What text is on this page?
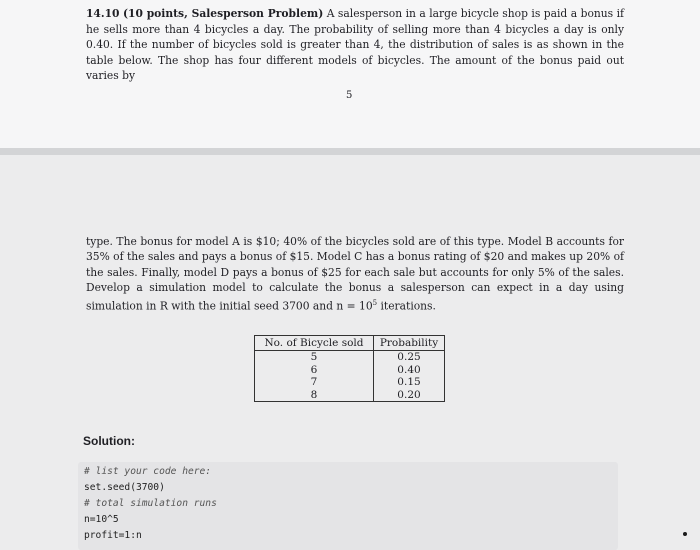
14.10 (10 points, Salesperson Problem) A salesperson in a large bicycle shop is paid a bonus if he sells more than 4 bicycles a day. The probability of selling more than 4 bicycles a day is only 0.40. If the number of bicycles sold is greater than 4, the distribution of sales is as shown in the table below. The shop has four different models of bicycles. The amount of the bonus paid out varies by

5

type. The bonus for model A is $10; 40% of the bicycles sold are of this type. Model B accounts for 35% of the sales and pays a bonus of $15. Model C has a bonus rating of $20 and makes up 20% of the sales. Finally, model D pays a bonus of $25 for each sale but accounts for only 5% of the sales. Develop a simulation model to calculate the bonus a salesperson can expect in a day using simulation in R with the initial seed 3700 and $n = 10^5$ iterations.

No. of Bicycle sold	Probability
5	0.25
6	0.40
7	0.15
8	0.20

Solution:

# list your code here:

set.seed(3700)

# total simulation runs

n=10^5

profit=1:n
